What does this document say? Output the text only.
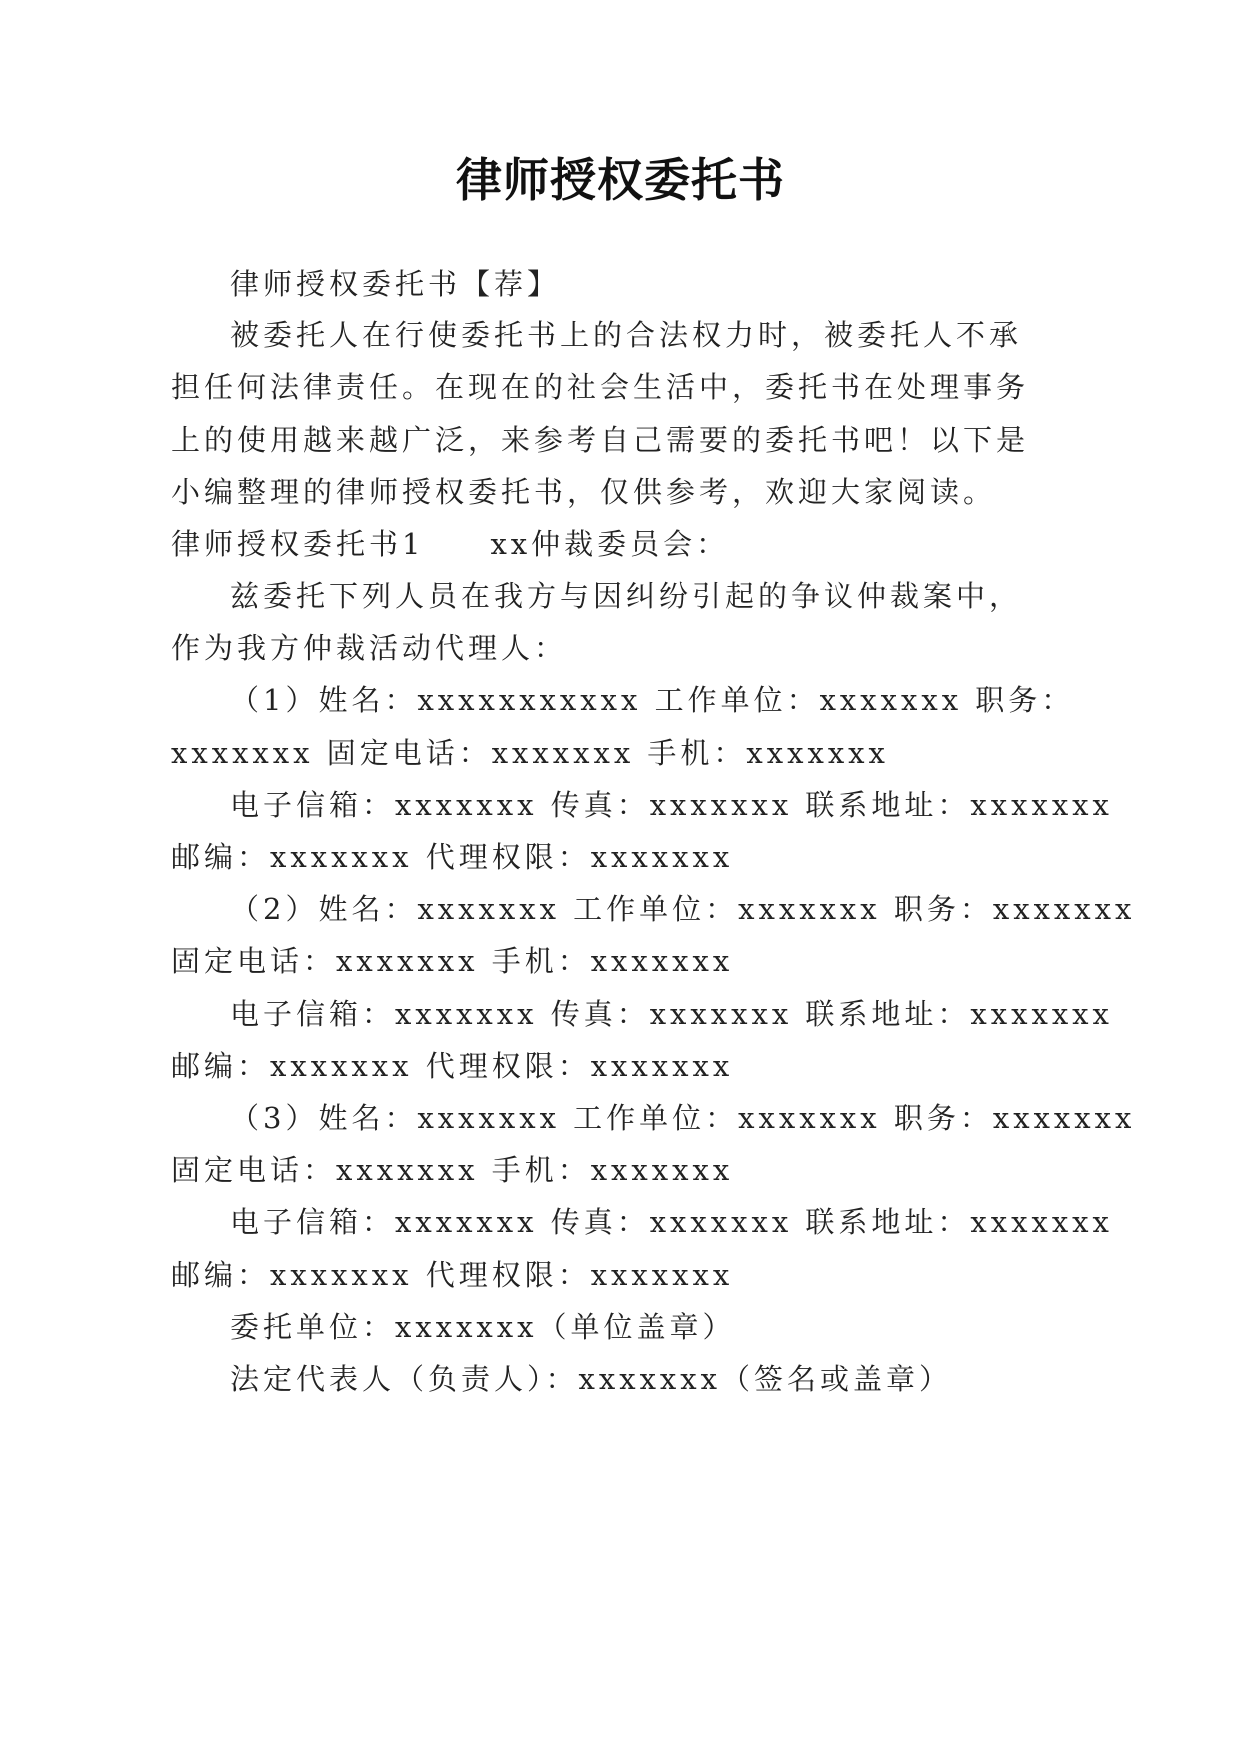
律师授权委托书
律师授权委托书【荐】
被委托人在行使委托书上的合法权力时，被委托人不承
担任何法律责任。在现在的社会生活中，委托书在处理事务
上的使用越来越广泛，来参考自己需要的委托书吧！以下是
小编整理的律师授权委托书，仅供参考，欢迎大家阅读。
律师授权委托书1　　xx仲裁委员会：
兹委托下列人员在我方与因纠纷引起的争议仲裁案中，
作为我方仲裁活动代理人：
（1）姓名：xxxxxxxxxxx 工作单位：xxxxxxx 职务：
xxxxxxx 固定电话：xxxxxxx 手机：xxxxxxx
电子信箱：xxxxxxx 传真：xxxxxxx 联系地址：xxxxxxx
邮编：xxxxxxx 代理权限：xxxxxxx
（2）姓名：xxxxxxx 工作单位：xxxxxxx 职务：xxxxxxx
固定电话：xxxxxxx 手机：xxxxxxx
电子信箱：xxxxxxx 传真：xxxxxxx 联系地址：xxxxxxx
邮编：xxxxxxx 代理权限：xxxxxxx
（3）姓名：xxxxxxx 工作单位：xxxxxxx 职务：xxxxxxx
固定电话：xxxxxxx 手机：xxxxxxx
电子信箱：xxxxxxx 传真：xxxxxxx 联系地址：xxxxxxx
邮编：xxxxxxx 代理权限：xxxxxxx
委托单位：xxxxxxx（单位盖章）
法定代表人（负责人）：xxxxxxx（签名或盖章）
